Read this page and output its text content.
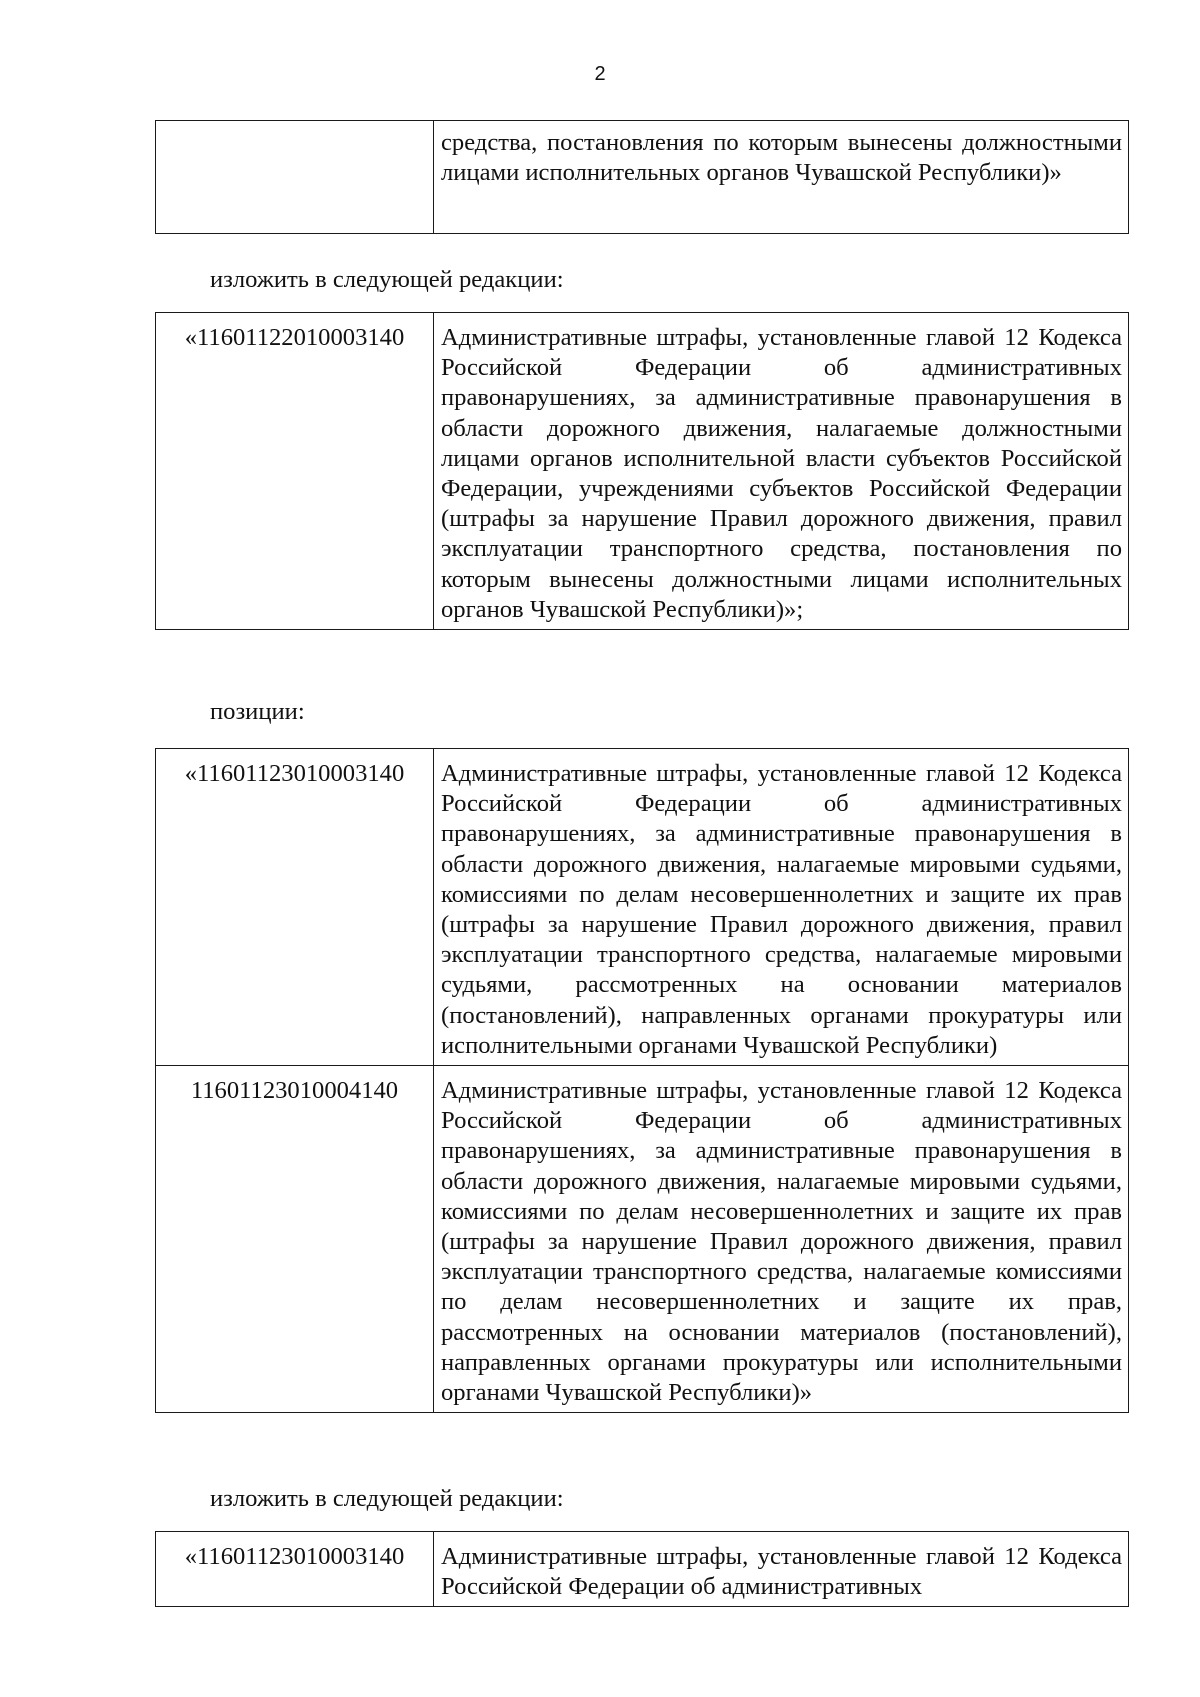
2
	средства, постановления по которым вынесены должностными лицами исполнительных органов Чувашской Республики)»
изложить в следующей редакции:
«11601122010003140	Административные штрафы, установленные главой 12 Кодекса Российской Федерации об административных правонарушениях, за административные правонарушения в области дорожного движения, налагаемые должностными лицами органов исполнительной власти субъектов Российской Федерации, учреждениями субъектов Российской Федерации (штрафы за нарушение Правил дорожного движения, правил эксплуатации транспортного средства, постановления по которым вынесены должностными лицами исполнительных органов Чувашской Республики)»;
позиции:
«11601123010003140	Административные штрафы, установленные главой 12 Кодекса Российской Федерации об административных правонарушениях, за административные правонарушения в области дорожного движения, налагаемые мировыми судьями, комиссиями по делам несовершеннолетних и защите их прав (штрафы за нарушение Правил дорожного движения, правил эксплуатации транспортного средства, налагаемые мировыми судьями, рассмотренных на основании материалов (постановлений), направленных органами прокуратуры или исполнительными органами Чувашской Республики)
11601123010004140	Административные штрафы, установленные главой 12 Кодекса Российской Федерации об административных правонарушениях, за административные правонарушения в области дорожного движения, налагаемые мировыми судьями, комиссиями по делам несовершеннолетних и защите их прав (штрафы за нарушение Правил дорожного движения, правил эксплуатации транспортного средства, налагаемые комиссиями по делам несовершеннолетних и защите их прав, рассмотренных на основании материалов (постановлений), направленных органами прокуратуры или исполнительными органами Чувашской Республики)»
изложить в следующей редакции:
«11601123010003140	Административные штрафы, установленные главой 12 Кодекса Российской Федерации об административных
